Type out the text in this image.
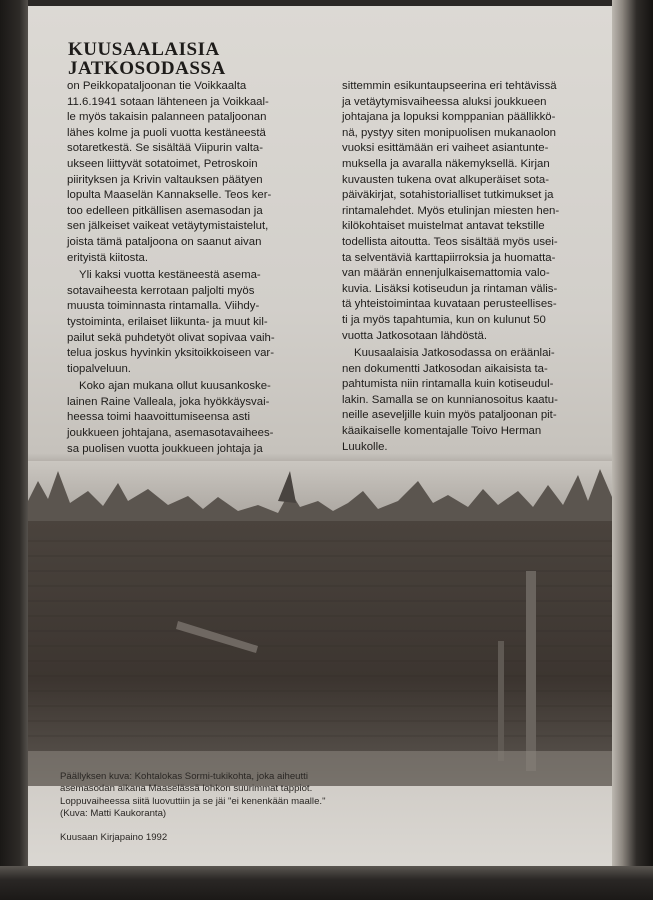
KUUSAALAISIA
JATKOSODASSA

on Peikkopataljoonan tie Voikkaalta
11.6.1941 sotaan lähteneen ja Voikkaal-
le myös takaisin palanneen pataljoonan
lähes kolme ja puoli vuotta kestäneestä
sotaretkestä. Se sisältää Viipurin valta-
ukseen liittyvät sotatoimet, Petroskoin
piirityksen ja Krivin valtauksen päätyen
lopulta Maaselän Kannakselle. Teos ker-
too edelleen pitkällisen asemasodan ja
sen jälkeiset vaikeat vetäytymistaistelut,
joista tämä pataljoona on saanut aivan
erityistä kiitosta.

Yli kaksi vuotta kestäneestä asema-
sotavaiheesta kerrotaan paljolti myös
muusta toiminnasta rintamalla. Viihdy-
tystoiminta, erilaiset liikunta- ja muut kil-
pailut sekä puhdetyöt olivat sopivaa vaih-
telua joskus hyvinkin yksitoikkoiseen var-
tiopalveluun.

Koko ajan mukana ollut kuusankoske-
lainen Raine Valleala, joka hyökkäysvai-
heessa toimi haavoittumiseensa asti
joukkueen johtajana, asemasotavaihees-
sa puolisen vuotta joukkueen johtaja ja

sittemmin esikuntaupseerina eri tehtävissä
ja vetäytymisvaiheessa aluksi joukkueen
johtajana ja lopuksi komppanian päällikkö-
nä, pystyy siten monipuolisen mukanaolon
vuoksi esittämään eri vaiheet asiantunte-
muksella ja avaralla näkemyksellä. Kirjan
kuvausten tukena ovat alkuperäiset sota-
päiväkirjat, sotahistorialliset tutkimukset ja
rintamalehdet. Myös etulinjan miesten hen-
kilökohtaiset muistelmat antavat tekstille
todellista aitoutta. Teos sisältää myös usei-
ta selventäviä karttapiirroksia ja huomatta-
van määrän ennenjulkaisemattomia valo-
kuvia. Lisäksi kotiseudun ja rintaman välis-
tä yhteistoimintaa kuvataan perusteellises-
ti ja myös tapahtumia, kun on kulunut 50
vuotta Jatkosotaan lähdöstä.

Kuusaalaisia Jatkosodassa on eräänlai-
nen dokumentti Jatkosodan aikaisista ta-
pahtumista niin rintamalla kuin kotiseudul-
lakin. Samalla se on kunnianosoitus kaatu-
neille aseveljille kuin myös pataljoonan pit-
käaikaiselle komentajalle Toivo Herman
Luukolle.

Päällyksen kuva: Kohtalokas Sormi-tukikohta, joka aiheutti
asemasodan aikana Maaselässä lohkon suurimmat tappiot.
Loppuvaiheessa siitä luovuttiin ja se jäi "ei kenenkään maalle."
(Kuva: Matti Kaukoranta)
Kuusaan Kirjapaino 1992
